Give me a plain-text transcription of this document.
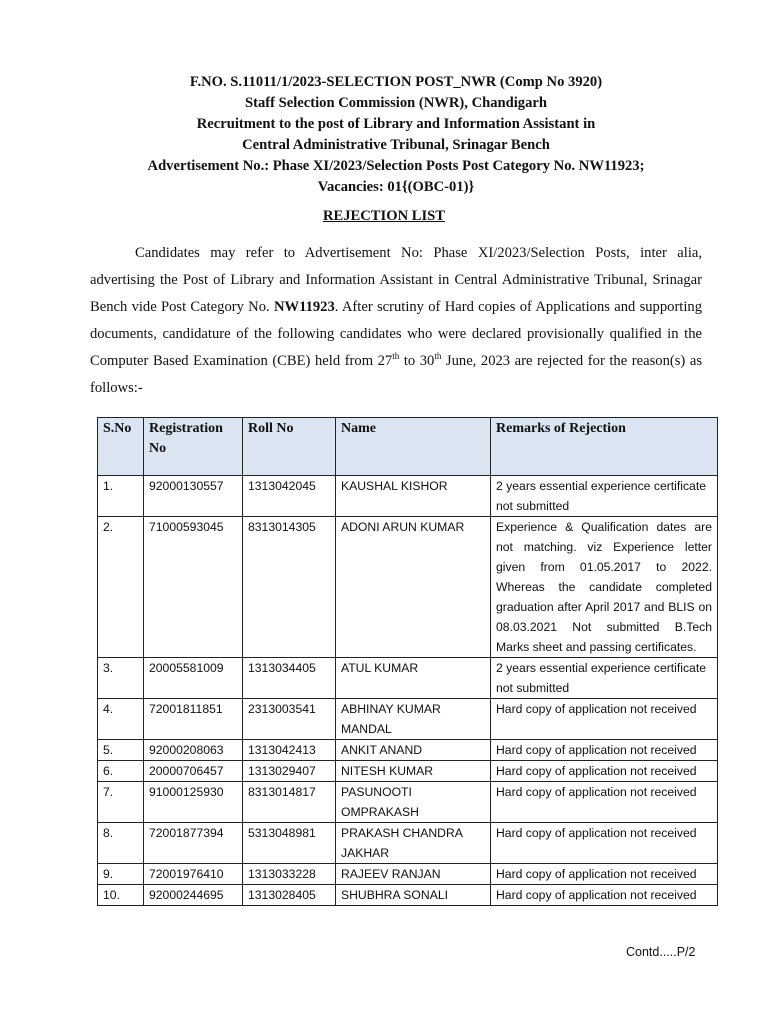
F.NO. S.11011/1/2023-SELECTION POST_NWR (Comp No 3920)
Staff Selection Commission (NWR), Chandigarh
Recruitment to the post of Library and Information Assistant in
Central Administrative Tribunal, Srinagar Bench
Advertisement No.: Phase XI/2023/Selection Posts Post Category No. NW11923;
Vacancies: 01{(OBC-01)}
REJECTION LIST
Candidates may refer to Advertisement No: Phase XI/2023/Selection Posts, inter alia, advertising the Post of Library and Information Assistant in Central Administrative Tribunal, Srinagar Bench vide Post Category No. NW11923. After scrutiny of Hard copies of Applications and supporting documents, candidature of the following candidates who were declared provisionally qualified in the Computer Based Examination (CBE) held from 27th to 30th June, 2023 are rejected for the reason(s) as follows:-
S.No	Registration No	Roll No	Name	Remarks of Rejection
1.	92000130557	1313042045	KAUSHAL KISHOR	2 years essential experience certificate not submitted
2.	71000593045	8313014305	ADONI ARUN KUMAR	Experience & Qualification dates are not matching. viz Experience letter given from 01.05.2017 to 2022. Whereas the candidate completed graduation after April 2017 and BLIS on 08.03.2021 Not submitted B.Tech Marks sheet and passing certificates.
3.	20005581009	1313034405	ATUL KUMAR	2 years essential experience certificate not submitted
4.	72001811851	2313003541	ABHINAY KUMAR MANDAL	Hard copy of application not received
5.	92000208063	1313042413	ANKIT ANAND	Hard copy of application not received
6.	20000706457	1313029407	NITESH KUMAR	Hard copy of application not received
7.	91000125930	8313014817	PASUNOOTI OMPRAKASH	Hard copy of application not received
8.	72001877394	5313048981	PRAKASH CHANDRA JAKHAR	Hard copy of application not received
9.	72001976410	1313033228	RAJEEV RANJAN	Hard copy of application not received
10.	92000244695	1313028405	SHUBHRA SONALI	Hard copy of application not received
Contd.....P/2
